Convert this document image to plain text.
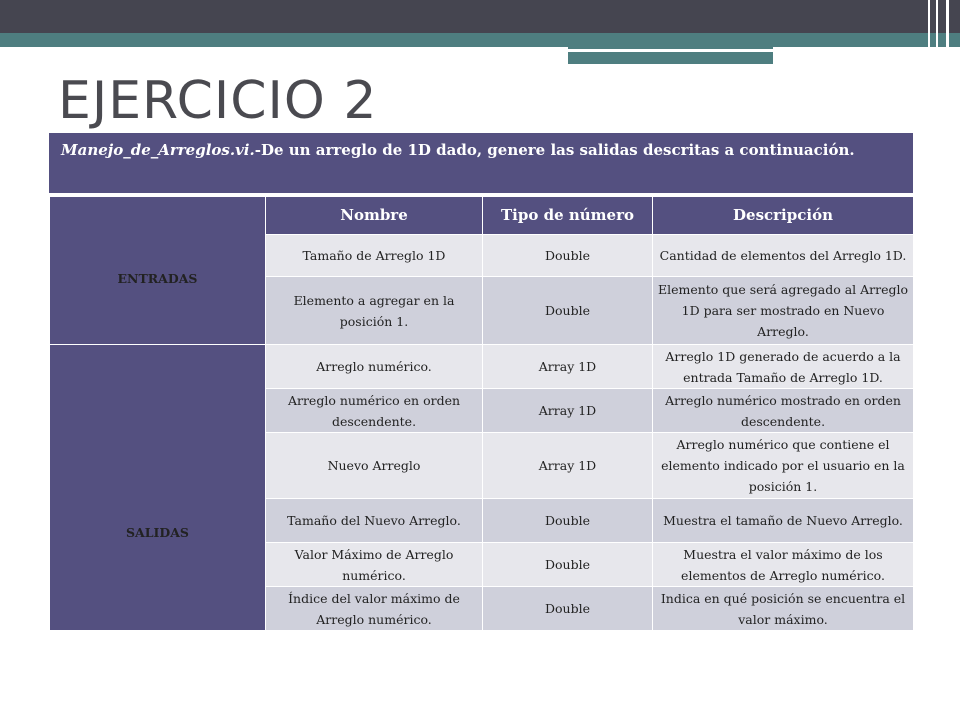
EJERCICIO 2
Manejo_de_Arreglos.vi.-De un arreglo de 1D dado, genere las salidas descritas a continuación.
ENTRADAS	Nombre	Tipo de número	Descripción
	Tamaño de Arreglo 1D	Double	Cantidad de elementos del Arreglo 1D.
	Elemento a agregar en la posición 1.	Double	Elemento que será agregado al Arreglo 1D para ser mostrado en Nuevo Arreglo.
SALIDAS	Arreglo numérico.	Array 1D	Arreglo 1D generado de acuerdo a la entrada Tamaño de Arreglo 1D.
	Arreglo numérico en orden descendente.	Array 1D	Arreglo numérico mostrado en orden descendente.
	Nuevo Arreglo	Array 1D	Arreglo numérico que contiene el elemento indicado por el usuario en la posición 1.
	Tamaño del Nuevo Arreglo.	Double	Muestra el tamaño de Nuevo Arreglo.
	Valor Máximo de Arreglo numérico.	Double	Muestra el valor máximo de los elementos de Arreglo numérico.
	Índice del valor máximo de Arreglo numérico.	Double	Indica en qué posición se encuentra el valor máximo.
